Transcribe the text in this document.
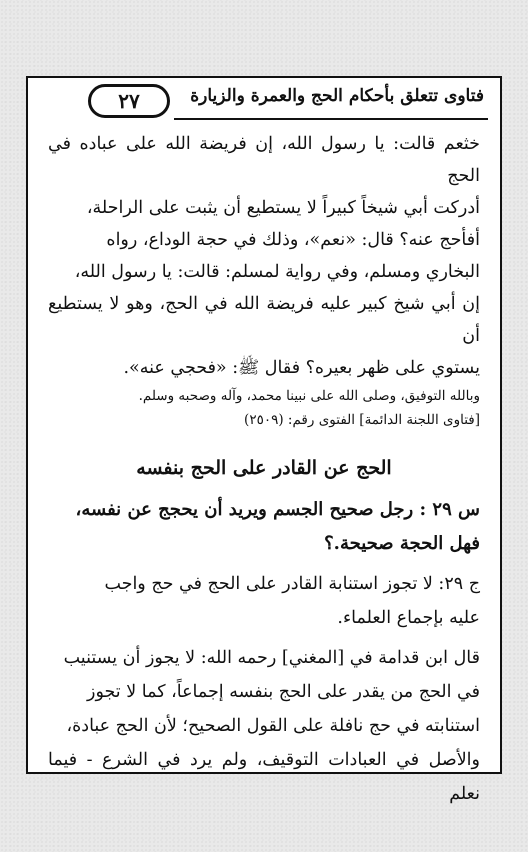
فتاوى تتعلق بأحكام الحج والعمرة والزيارة
٢٧

خثعم قالت: يا رسول الله، إن فريضة الله على عباده في الحج

أدركت أبي شيخاً كبيراً لا يستطيع أن يثبت على الراحلة،

أفأحج عنه؟ قال: «نعم»، وذلك في حجة الوداع، رواه

البخاري ومسلم، وفي رواية لمسلم: قالت: يا رسول الله،

إن أبي شيخ كبير عليه فريضة الله في الحج، وهو لا يستطيع أن

يستوي على ظهر بعيره؟ فقال ﷺ: «فحجي عنه».

وبالله التوفيق، وصلى الله على نبينا محمد، وآله وصحبه وسلم.

[فتاوى اللجنة الدائمة] الفتوى رقم: (٢٥٠٩)

الحج عن القادر على الحج بنفسه

س ٢٩ : رجل صحيح الجسم ويريد أن يحجج عن نفسه،

فهل الحجة صحيحة.؟

ج ٢٩: لا تجوز استنابة القادر على الحج في حج واجب

عليه بإجماع العلماء.

قال ابن قدامة في [المغني] رحمه الله: لا يجوز أن يستنيب

في الحج من يقدر على الحج بنفسه إجماعاً، كما لا تجوز

استنابته في حج نافلة على القول الصحيح؛ لأن الحج عبادة،

والأصل في العبادات التوقيف، ولم يرد في الشرع - فيما نعلم
